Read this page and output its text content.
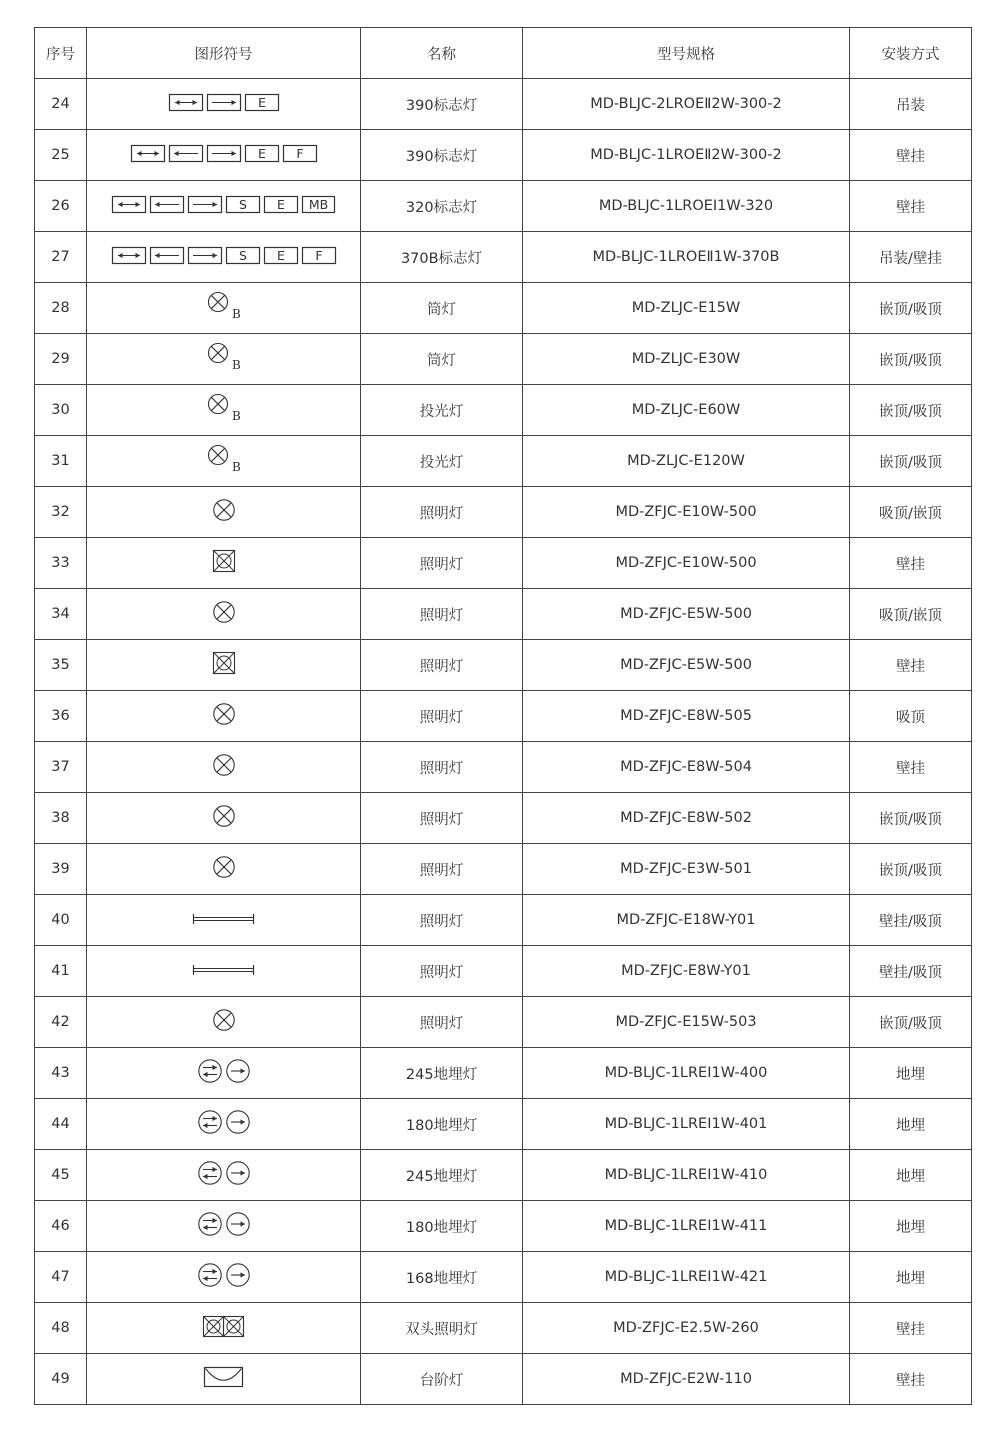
序号	图形符号	名称	型号规格	安装方式
24	E	390标志灯	MD-BLJC-2LROEⅡ2W-300-2	吊装
25	E F	390标志灯	MD-BLJC-1LROEⅡ2W-300-2	壁挂
26	S E MB	320标志灯	MD-BLJC-1LROEⅠ1W-320	壁挂
27	S E F	370B标志灯	MD-BLJC-1LROEⅡ1W-370B	吊装/壁挂
28	B	筒灯	MD-ZLJC-E15W	嵌顶/吸顶
29	B	筒灯	MD-ZLJC-E30W	嵌顶/吸顶
30	B	投光灯	MD-ZLJC-E60W	嵌顶/吸顶
31	B	投光灯	MD-ZLJC-E120W	嵌顶/吸顶
32		照明灯	MD-ZFJC-E10W-500	吸顶/嵌顶
33		照明灯	MD-ZFJC-E10W-500	壁挂
34		照明灯	MD-ZFJC-E5W-500	吸顶/嵌顶
35		照明灯	MD-ZFJC-E5W-500	壁挂
36		照明灯	MD-ZFJC-E8W-505	吸顶
37		照明灯	MD-ZFJC-E8W-504	壁挂
38		照明灯	MD-ZFJC-E8W-502	嵌顶/吸顶
39		照明灯	MD-ZFJC-E3W-501	嵌顶/吸顶
40		照明灯	MD-ZFJC-E18W-Y01	壁挂/吸顶
41		照明灯	MD-ZFJC-E8W-Y01	壁挂/吸顶
42		照明灯	MD-ZFJC-E15W-503	嵌顶/吸顶
43		245地埋灯	MD-BLJC-1LREⅠ1W-400	地埋
44		180地埋灯	MD-BLJC-1LREⅠ1W-401	地埋
45		245地埋灯	MD-BLJC-1LREⅠ1W-410	地埋
46		180地埋灯	MD-BLJC-1LREⅠ1W-411	地埋
47		168地埋灯	MD-BLJC-1LREⅠ1W-421	地埋
48		双头照明灯	MD-ZFJC-E2.5W-260	壁挂
49		台阶灯	MD-ZFJC-E2W-110	壁挂
